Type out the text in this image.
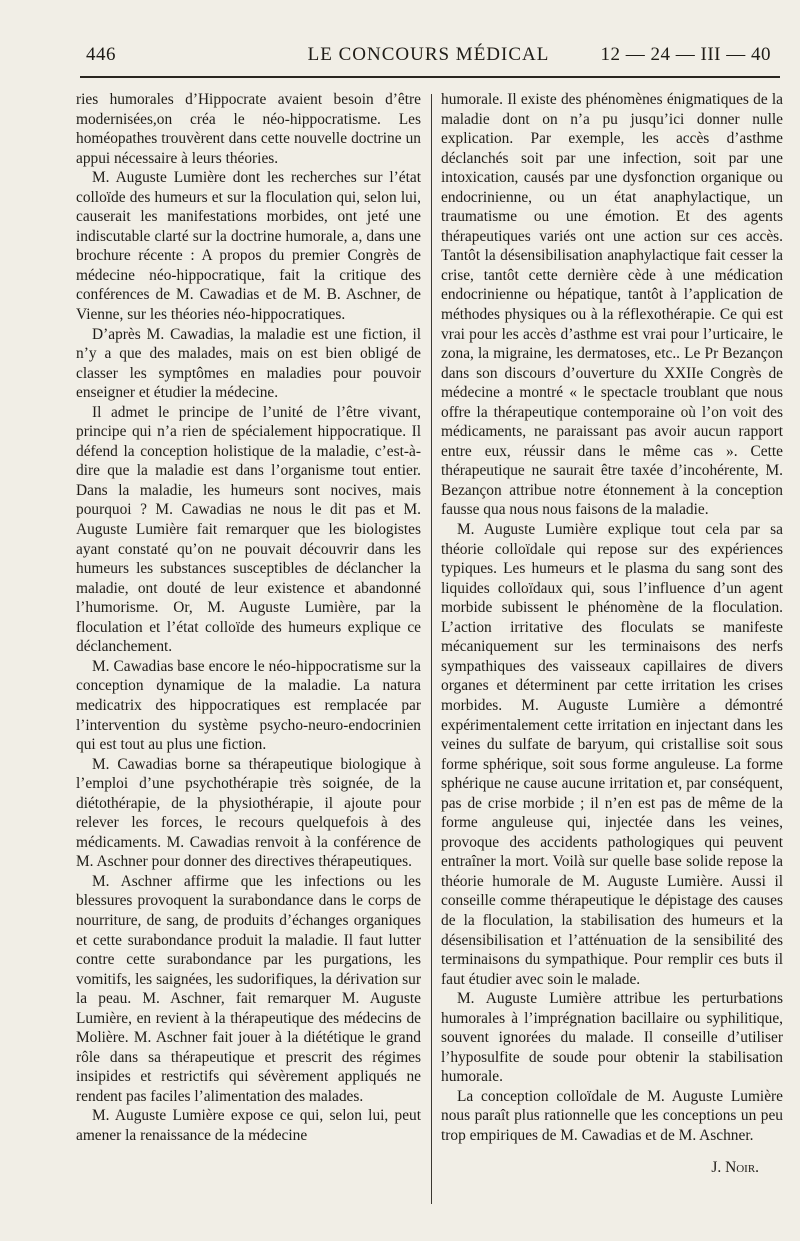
446	LE CONCOURS MÉDICAL	12 — 24 — III — 40

ries humorales d’Hippocrate avaient besoin d’être modernisées,on créa le néo-hippocratisme. Les homéopathes trouvèrent dans cette nouvelle doctrine un appui nécessaire à leurs théories.

M. Auguste Lumière dont les recherches sur l’état colloïde des humeurs et sur la floculation qui, selon lui, causerait les manifestations morbides, ont jeté une indiscutable clarté sur la doctrine humorale, a, dans une brochure récente : A propos du premier Congrès de médecine néo-hippocratique, fait la critique des conférences de M. Cawadias et de M. B. Aschner, de Vienne, sur les théories néo-hippocratiques.

D’après M. Cawadias, la maladie est une fiction, il n’y a que des malades, mais on est bien obligé de classer les symptômes en maladies pour pouvoir enseigner et étudier la médecine.

Il admet le principe de l’unité de l’être vivant, principe qui n’a rien de spécialement hippocratique. Il défend la conception holistique de la maladie, c’est-à-dire que la maladie est dans l’organisme tout entier. Dans la maladie, les humeurs sont nocives, mais pourquoi ? M. Cawadias ne nous le dit pas et M. Auguste Lumière fait remarquer que les biologistes ayant constaté qu’on ne pouvait découvrir dans les humeurs les substances susceptibles de déclancher la maladie, ont douté de leur existence et abandonné l’humorisme. Or, M. Auguste Lumière, par la floculation et l’état colloïde des humeurs explique ce déclanchement.

M. Cawadias base encore le néo-hippocratisme sur la conception dynamique de la maladie. La natura medicatrix des hippocratiques est remplacée par l’intervention du système psycho-neuro-endocrinien qui est tout au plus une fiction.

M. Cawadias borne sa thérapeutique biologique à l’emploi d’une psychothérapie très soignée, de la diétothérapie, de la physiothérapie, il ajoute pour relever les forces, le recours quelquefois à des médicaments. M. Cawadias renvoit à la conférence de M. Aschner pour donner des directives thérapeutiques.

M. Aschner affirme que les infections ou les blessures provoquent la surabondance dans le corps de nourriture, de sang, de produits d’échanges organiques et cette surabondance produit la maladie. Il faut lutter contre cette surabondance par les purgations, les vomitifs, les saignées, les sudorifiques, la dérivation sur la peau. M. Aschner, fait remarquer M. Auguste Lumière, en revient à la thérapeutique des médecins de Molière. M. Aschner fait jouer à la diététique le grand rôle dans sa thérapeutique et prescrit des régimes insipides et restrictifs qui sévèrement appliqués ne rendent pas faciles l’alimentation des malades.

M. Auguste Lumière expose ce qui, selon lui, peut amener la renaissance de la médecine

humorale. Il existe des phénomènes énigmatiques de la maladie dont on n’a pu jusqu’ici donner nulle explication. Par exemple, les accès d’asthme déclanchés soit par une infection, soit par une intoxication, causés par une dysfonction organique ou endocrinienne, ou un état anaphylactique, un traumatisme ou une émotion. Et des agents thérapeutiques variés ont une action sur ces accès. Tantôt la désensibilisation anaphylactique fait cesser la crise, tantôt cette dernière cède à une médication endocrinienne ou hépatique, tantôt à l’application de méthodes physiques ou à la réflexothérapie. Ce qui est vrai pour les accès d’asthme est vrai pour l’urticaire, le zona, la migraine, les dermatoses, etc.. Le Pr Bezançon dans son discours d’ouverture du XXIIe Congrès de médecine a montré « le spectacle troublant que nous offre la thérapeutique contemporaine où l’on voit des médicaments, ne paraissant pas avoir aucun rapport entre eux, réussir dans le même cas ». Cette thérapeutique ne saurait être taxée d’incohérente, M. Bezançon attribue notre étonnement à la conception fausse qua nous nous faisons de la maladie.

M. Auguste Lumière explique tout cela par sa théorie colloïdale qui repose sur des expériences typiques. Les humeurs et le plasma du sang sont des liquides colloïdaux qui, sous l’influence d’un agent morbide subissent le phénomène de la floculation. L’action irritative des floculats se manifeste mécaniquement sur les terminaisons des nerfs sympathiques des vaisseaux capillaires de divers organes et déterminent par cette irritation les crises morbides. M. Auguste Lumière a démontré expérimentalement cette irritation en injectant dans les veines du sulfate de baryum, qui cristallise soit sous forme sphérique, soit sous forme anguleuse. La forme sphérique ne cause aucune irritation et, par conséquent, pas de crise morbide ; il n’en est pas de même de la forme anguleuse qui, injectée dans les veines, provoque des accidents pathologiques qui peuvent entraîner la mort. Voilà sur quelle base solide repose la théorie humorale de M. Auguste Lumière. Aussi il conseille comme thérapeutique le dépistage des causes de la floculation, la stabilisation des humeurs et la désensibilisation et l’atténuation de la sensibilité des terminaisons du sympathique. Pour remplir ces buts il faut étudier avec soin le malade.

M. Auguste Lumière attribue les perturbations humorales à l’imprégnation bacillaire ou syphilitique, souvent ignorées du malade. Il conseille d’utiliser l’hyposulfite de soude pour obtenir la stabilisation humorale.

La conception colloïdale de M. Auguste Lumière nous paraît plus rationnelle que les conceptions un peu trop empiriques de M. Cawadias et de M. Aschner.

J. Noir.
